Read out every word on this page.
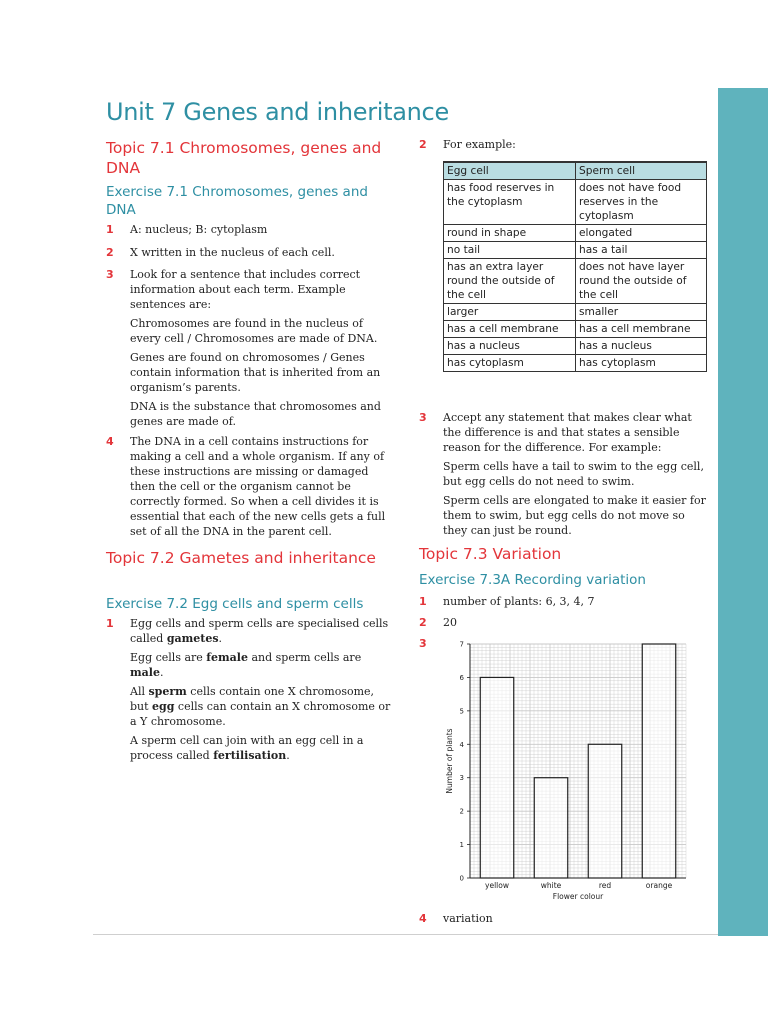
Unit 7 Genes and inheritance
Topic 7.1 Chromosomes, genes and DNA
Exercise 7.1 Chromosomes, genes and DNA
1 A: nucleus; B: cytoplasm

2 X written in the nucleus of each cell.

3 Look for a sentence that includes correct information about each term. Example sentences are:

Chromosomes are found in the nucleus of every cell / Chromosomes are made of DNA.

Genes are found on chromosomes / Genes contain information that is inherited from an organism’s parents.

DNA is the substance that chromosomes and genes are made of.

4 The DNA in a cell contains instructions for making a cell and a whole organism. If any of these instructions are missing or damaged then the cell or the organism cannot be correctly formed. So when a cell divides it is essential that each of the new cells gets a full set of all the DNA in the parent cell.

Topic 7.2 Gametes and inheritance
Exercise 7.2 Egg cells and sperm cells
1 Egg cells and sperm cells are specialised cells called gametes.

Egg cells are female and sperm cells are male.

All sperm cells contain one X chromosome, but egg cells can contain an X chromosome or a Y chromosome.

A sperm cell can join with an egg cell in a process called fertilisation.

2 For example:

Egg cell	Sperm cell
has food reserves in the cytoplasm	does not have food reserves in the cytoplasm
round in shape	elongated
no tail	has a tail
has an extra layer round the outside of the cell	does not have layer round the outside of the cell
larger	smaller
has a cell membrane	has a cell membrane
has a nucleus	has a nucleus
has cytoplasm	has cytoplasm
3 Accept any statement that makes clear what the difference is and that states a sensible reason for the difference. For example:

Sperm cells have a tail to swim to the egg cell, but egg cells do not need to swim.

Sperm cells are elongated to make it easier for them to swim, but egg cells do not move so they can just be round.

Topic 7.3 Variation
Exercise 7.3A Recording variation
1 number of plants: 6, 3, 4, 7

2 20

3
yellow	white	red	orange
0
1
2
3
4
5
6
7
Flower colour
Number of plants
4 variation
